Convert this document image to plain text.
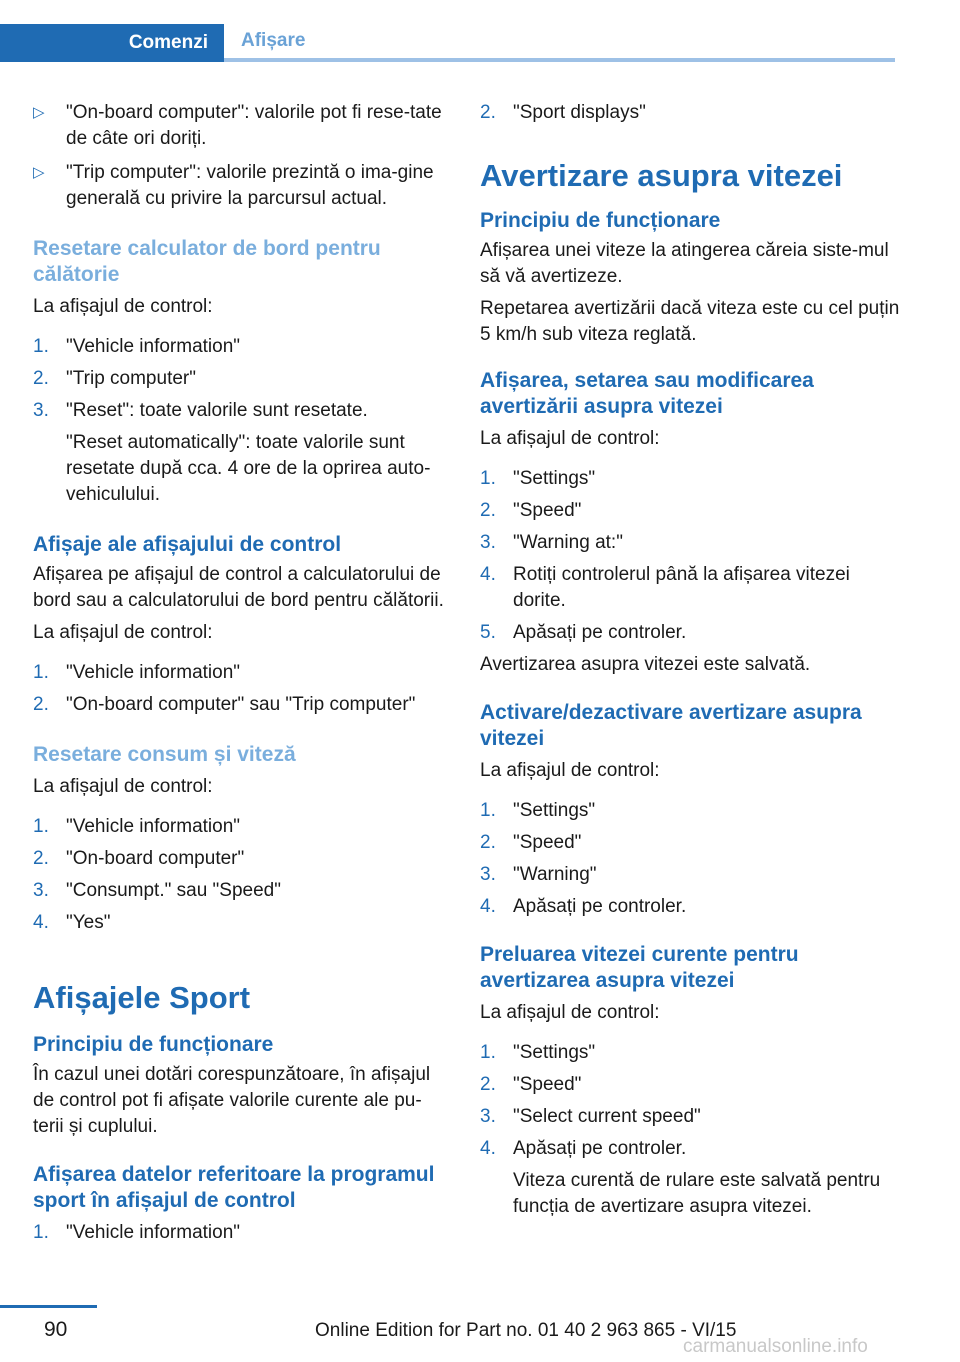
Comenzi	Afișare
▷ "On-board computer": valorile pot fi rese-tate de câte ori doriți.
▷ "Trip computer": valorile prezintă o ima-gine generală cu privire la parcursul actual.
Resetare calculator de bord pentru călătorie

La afișajul de control:

1. "Vehicle information"
2. "Trip computer"
3. "Reset": toate valorile sunt resetate.
"Reset automatically": toate valorile sunt resetate după cca. 4 ore de la oprirea auto-vehiculului.
Afișaje ale afișajului de control

Afișarea pe afișajul de control a calculatorului de bord sau a calculatorului de bord pentru călătorii.

La afișajul de control:

1. "Vehicle information"
2. "On-board computer" sau "Trip computer"
Resetare consum și viteză

La afișajul de control:

1. "Vehicle information"
2. "On-board computer"
3. "Consumpt." sau "Speed"
4. "Yes"
Afișajele Sport
Principiu de funcționare

În cazul unei dotări corespunzătoare, în afișajul de control pot fi afișate valorile curente ale pu-terii și cuplului.

Afișarea datelor referitoare la programul sport în afișajul de control
1. "Vehicle information"
2. "Sport displays"
Avertizare asupra vitezei
Principiu de funcționare

Afișarea unei viteze la atingerea căreia siste-mul să vă avertizeze.

Repetarea avertizării dacă viteza este cu cel puțin 5 km/h sub viteza reglată.

Afișarea, setarea sau modificarea avertizării asupra vitezei

La afișajul de control:

1. "Settings"
2. "Speed"
3. "Warning at:"
4. Rotiți controlerul până la afișarea vitezei dorite.
5. Apăsați pe controler.

Avertizarea asupra vitezei este salvată.

Activare/dezactivare avertizare asupra vitezei

La afișajul de control:

1. "Settings"
2. "Speed"
3. "Warning"
4. Apăsați pe controler.
Preluarea vitezei curente pentru avertizarea asupra vitezei

La afișajul de control:

1. "Settings"
2. "Speed"
3. "Select current speed"
4. Apăsați pe controler.
Viteza curentă de rulare este salvată pentru funcția de avertizare asupra vitezei.
90	Online Edition for Part no. 01 40 2 963 865 - VI/15
carmanualsonline.info
